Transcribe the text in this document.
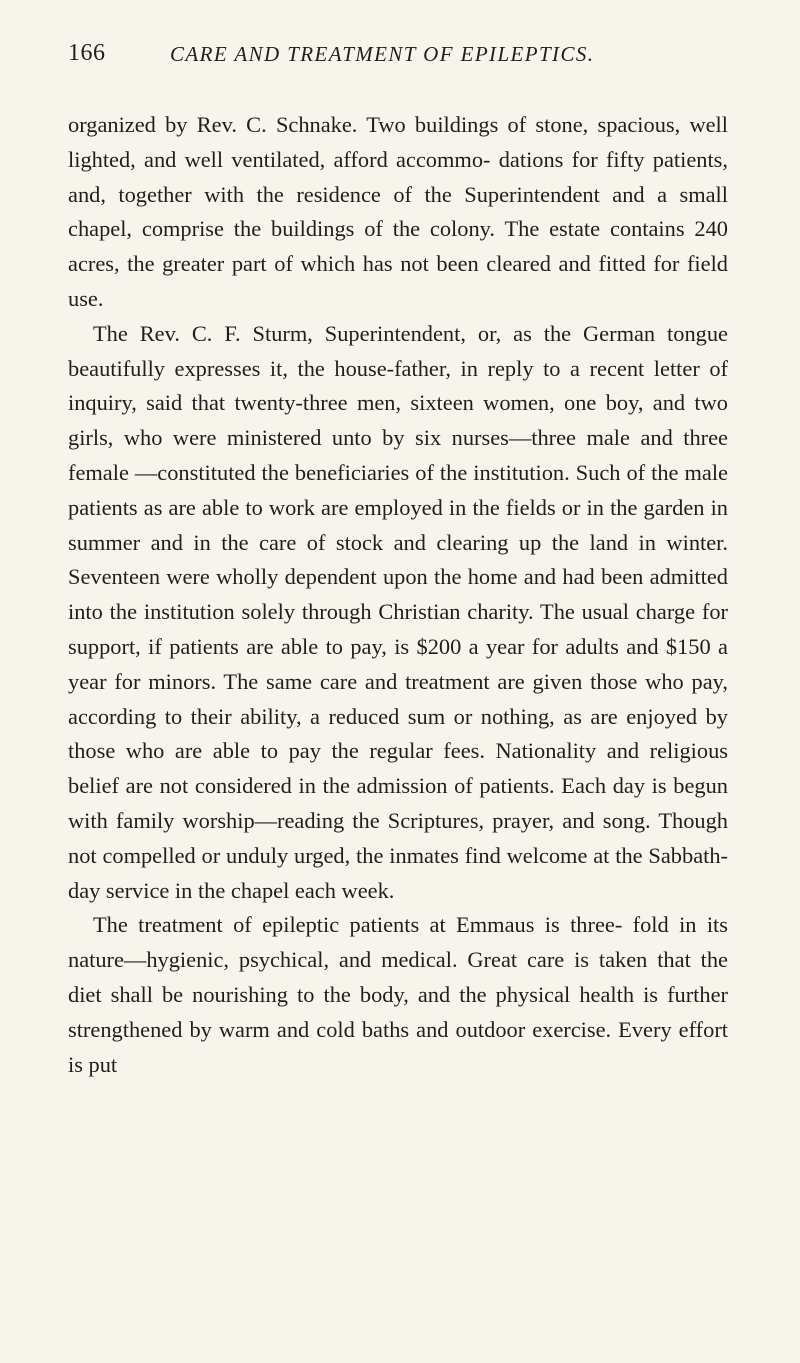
166	CARE AND TREATMENT OF EPILEPTICS.

organized by Rev. C. Schnake. Two buildings of stone, spacious, well lighted, and well ventilated, afford accommo- dations for fifty patients, and, together with the residence of the Superintendent and a small chapel, comprise the buildings of the colony. The estate contains 240 acres, the greater part of which has not been cleared and fitted for field use.

The Rev. C. F. Sturm, Superintendent, or, as the German tongue beautifully expresses it, the house-father, in reply to a recent letter of inquiry, said that twenty-three men, sixteen women, one boy, and two girls, who were ministered unto by six nurses—three male and three female —constituted the beneficiaries of the institution. Such of the male patients as are able to work are employed in the fields or in the garden in summer and in the care of stock and clearing up the land in winter. Seventeen were wholly dependent upon the home and had been admitted into the institution solely through Christian charity. The usual charge for support, if patients are able to pay, is $200 a year for adults and $150 a year for minors. The same care and treatment are given those who pay, according to their ability, a reduced sum or nothing, as are enjoyed by those who are able to pay the regular fees. Nationality and religious belief are not considered in the admission of patients. Each day is begun with family worship—reading the Scriptures, prayer, and song. Though not compelled or unduly urged, the inmates find welcome at the Sabbath-day service in the chapel each week.

The treatment of epileptic patients at Emmaus is three- fold in its nature—hygienic, psychical, and medical. Great care is taken that the diet shall be nourishing to the body, and the physical health is further strengthened by warm and cold baths and outdoor exercise. Every effort is put
